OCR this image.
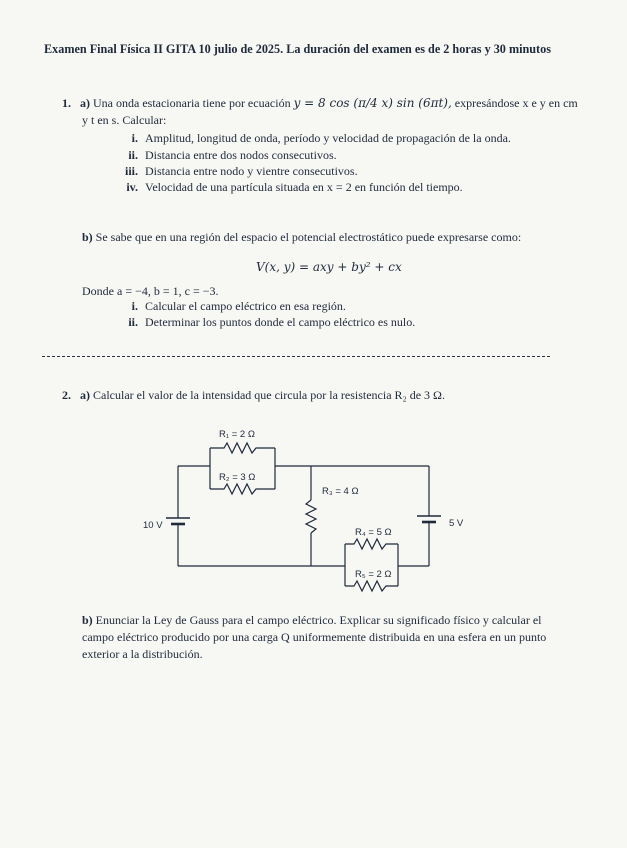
Examen Final Física II GITA 10 julio de 2025. La duración del examen es de 2 horas y 30 minutos
1. a) Una onda estacionaria tiene por ecuación y = 8 cos (π/4 x) sin (6πt), expresándose x e y en cm
y t en s. Calcular:
i. Amplitud, longitud de onda, período y velocidad de propagación de la onda.
ii. Distancia entre dos nodos consecutivos.
iii. Distancia entre nodo y vientre consecutivos.
iv. Velocidad de una partícula situada en x = 2 en función del tiempo.
b) Se sabe que en una región del espacio el potencial electrostático puede expresarse como:
V(x, y) = axy + by² + cx
Donde a = −4, b = 1, c = −3.
i. Calcular el campo eléctrico en esa región.
ii. Determinar los puntos donde el campo eléctrico es nulo.
2. a) Calcular el valor de la intensidad que circula por la resistencia R₂ de 3 Ω.
R₁ = 2 Ω
R₂ = 3 Ω
R₃ = 4 Ω
R₄ = 5 Ω
R₅ = 2 Ω
10 V	5 V
b) Enunciar la Ley de Gauss para el campo eléctrico. Explicar su significado físico y calcular el campo eléctrico producido por una carga Q uniformemente distribuida en una esfera en un punto exterior a la distribución.
